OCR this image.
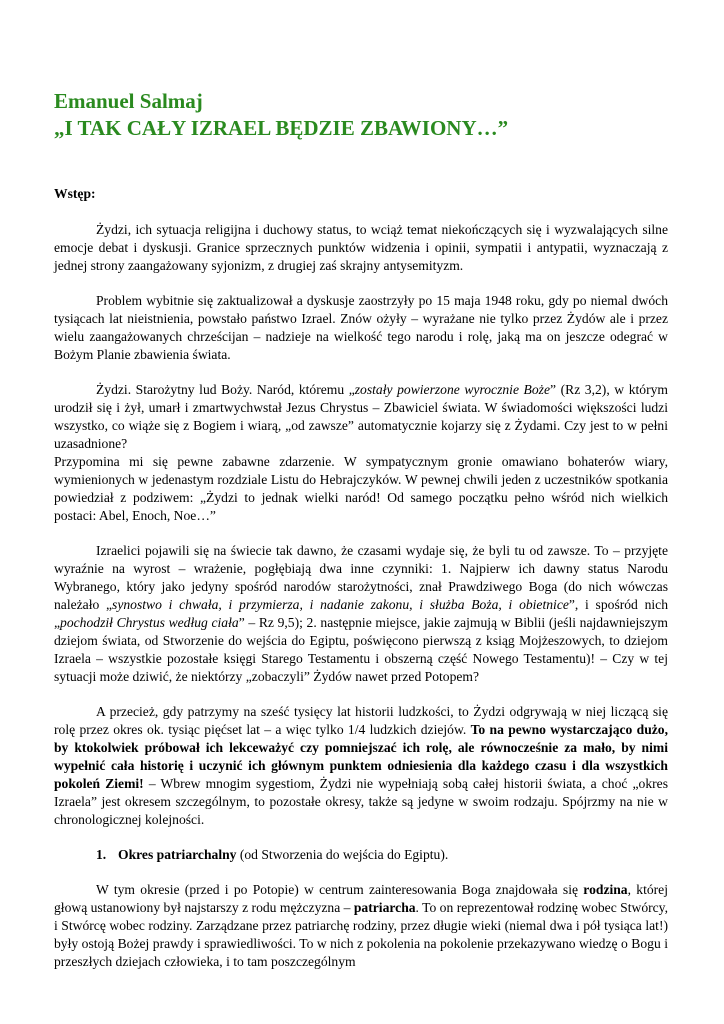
Emanuel Salmaj
„I TAK CAŁY IZRAEL BĘDZIE ZBAWIONY…”
Wstęp:

Żydzi, ich sytuacja religijna i duchowy status, to wciąż temat niekończących się i wyzwalających silne emocje debat i dyskusji. Granice sprzecznych punktów widzenia i opinii, sympatii i antypatii, wyznaczają z jednej strony zaangażowany syjonizm, z drugiej zaś skrajny antysemityzm.

Problem wybitnie się zaktualizował a dyskusje zaostrzyły po 15 maja 1948 roku, gdy po niemal dwóch tysiącach lat nieistnienia, powstało państwo Izrael. Znów ożyły – wyrażane nie tylko przez Żydów ale i przez wielu zaangażowanych chrześcijan – nadzieje na wielkość tego narodu i rolę, jaką ma on jeszcze odegrać w Bożym Planie zbawienia świata.

Żydzi. Starożytny lud Boży. Naród, któremu „zostały powierzone wyrocznie Boże” (Rz 3,2), w którym urodził się i żył, umarł i zmartwychwstał Jezus Chrystus – Zbawiciel świata. W świadomości większości ludzi wszystko, co wiąże się z Bogiem i wiarą, „od zawsze” automatycznie kojarzy się z Żydami. Czy jest to w pełni uzasadnione?

Przypomina mi się pewne zabawne zdarzenie. W sympatycznym gronie omawiano bohaterów wiary, wymienionych w jedenastym rozdziale Listu do Hebrajczyków. W pewnej chwili jeden z uczestników spotkania powiedział z podziwem: „Żydzi to jednak wielki naród! Od samego początku pełno wśród nich wielkich postaci: Abel, Enoch, Noe…”

Izraelici pojawili się na świecie tak dawno, że czasami wydaje się, że byli tu od zawsze. To – przyjęte wyraźnie na wyrost – wrażenie, pogłębiają dwa inne czynniki: 1. Najpierw ich dawny status Narodu Wybranego, który jako jedyny spośród narodów starożytności, znał Prawdziwego Boga (do nich wówczas należało „synostwo i chwała, i przymierza, i nadanie zakonu, i służba Boża, i obietnice”, i spośród nich „pochodził Chrystus według ciała” – Rz 9,5); 2. następnie miejsce, jakie zajmują w Biblii (jeśli najdawniejszym dziejom świata, od Stworzenie do wejścia do Egiptu, poświęcono pierwszą z ksiąg Mojżeszowych, to dziejom Izraela – wszystkie pozostałe księgi Starego Testamentu i obszerną część Nowego Testamentu)! – Czy w tej sytuacji może dziwić, że niektórzy „zobaczyli” Żydów nawet przed Potopem?

A przecież, gdy patrzymy na sześć tysięcy lat historii ludzkości, to Żydzi odgrywają w niej liczącą się rolę przez okres ok. tysiąc pięćset lat – a więc tylko 1/4 ludzkich dziejów. To na pewno wystarczająco dużo, by ktokolwiek próbował ich lekceważyć czy pomniejszać ich rolę, ale równocześnie za mało, by nimi wypełnić cała historię i uczynić ich głównym punktem odniesienia dla każdego czasu i dla wszystkich pokoleń Ziemi! – Wbrew mnogim sygestiom, Żydzi nie wypełniają sobą całej historii świata, a choć „okres Izraela” jest okresem szczególnym, to pozostałe okresy, także są jedyne w swoim rodzaju. Spójrzmy na nie w chronologicznej kolejności.

1. Okres patriarchalny (od Stworzenia do wejścia do Egiptu).

W tym okresie (przed i po Potopie) w centrum zainteresowania Boga znajdowała się rodzina, której głową ustanowiony był najstarszy z rodu mężczyzna – patriarcha. To on reprezentował rodzinę wobec Stwórcy, i Stwórcę wobec rodziny. Zarządzane przez patriarchę rodziny, przez długie wieki (niemal dwa i pół tysiąca lat!) były ostoją Bożej prawdy i sprawiedliwości. To w nich z pokolenia na pokolenie przekazywano wiedzę o Bogu i przeszłych dziejach człowieka, i to tam poszczególnym
